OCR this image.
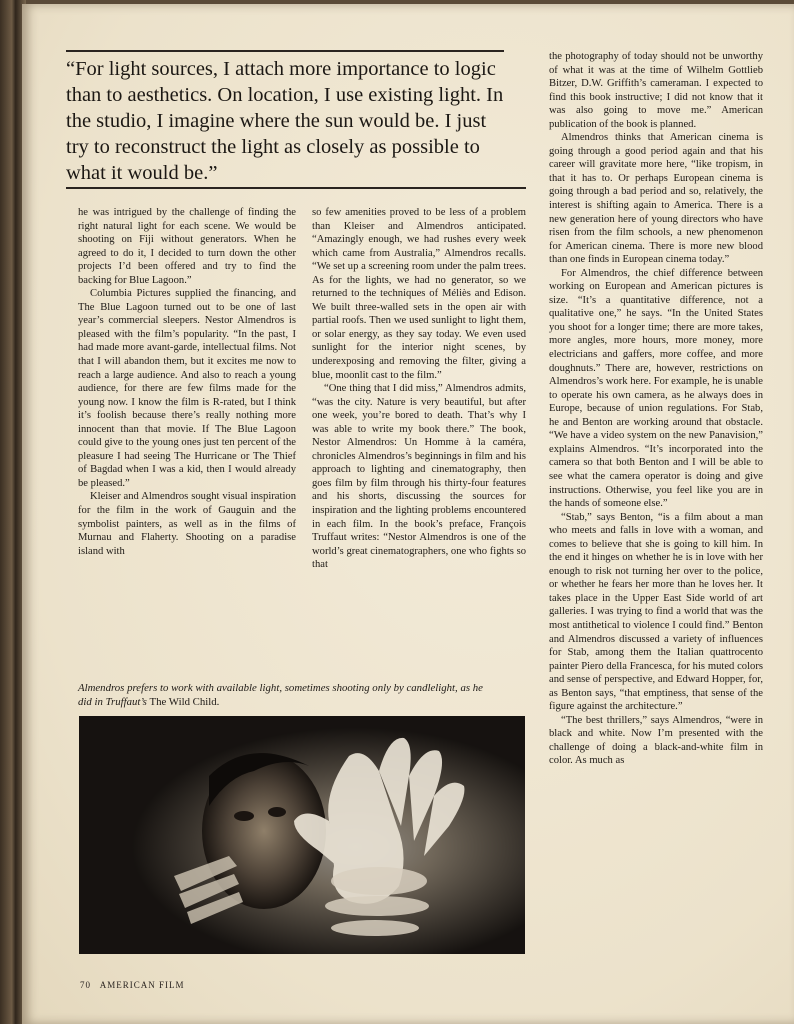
“For light sources, I attach more importance to logic than to aesthetics. On location, I use existing light. In the studio, I imagine where the sun would be. I just try to reconstruct the light as closely as possible to what it would be.”

he was intrigued by the challenge of finding the right natural light for each scene. We would be shooting on Fiji without generators. When he agreed to do it, I decided to turn down the other projects I’d been offered and try to find the backing for Blue Lagoon.”

Columbia Pictures supplied the financing, and The Blue Lagoon turned out to be one of last year’s commercial sleepers. Nestor Almendros is pleased with the film’s popularity. “In the past, I had made more avant-garde, intellectual films. Not that I will abandon them, but it excites me now to reach a large audience. And also to reach a young audience, for there are few films made for the young now. I know the film is R-rated, but I think it’s foolish because there’s really nothing more innocent than that movie. If The Blue Lagoon could give to the young ones just ten percent of the pleasure I had seeing The Hurricane or The Thief of Bagdad when I was a kid, then I would already be pleased.”

Kleiser and Almendros sought visual inspiration for the film in the work of Gauguin and the symbolist painters, as well as in the films of Murnau and Flaherty. Shooting on a paradise island with

so few amenities proved to be less of a problem than Kleiser and Almendros anticipated. “Amazingly enough, we had rushes every week which came from Australia,” Almendros recalls. “We set up a screening room under the palm trees. As for the lights, we had no generator, so we returned to the techniques of Méliès and Edison. We built three-walled sets in the open air with partial roofs. Then we used sunlight to light them, or solar energy, as they say today. We even used sunlight for the interior night scenes, by underexposing and removing the filter, giving a blue, moonlit cast to the film.”

“One thing that I did miss,” Almendros admits, “was the city. Nature is very beautiful, but after one week, you’re bored to death. That’s why I was able to write my book there.” The book, Nestor Almendros: Un Homme à la caméra, chronicles Almendros’s beginnings in film and his approach to lighting and cinematography, then goes film by film through his thirty-four features and his shorts, discussing the sources for inspiration and the lighting problems encountered in each film. In the book’s preface, François Truffaut writes: “Nestor Almendros is one of the world’s great cinematographers, one who fights so that

the photography of today should not be unworthy of what it was at the time of Wilhelm Gottlieb Bitzer, D.W. Griffith’s cameraman. I expected to find this book instructive; I did not know that it was also going to move me.” American publication of the book is planned.

Almendros thinks that American cinema is going through a good period again and that his career will gravitate more here, “like tropism, in that it has to. Or perhaps European cinema is going through a bad period and so, relatively, the interest is shifting again to America. There is a new generation here of young directors who have risen from the film schools, a new phenomenon for American cinema. There is more new blood than one finds in European cinema today.”

For Almendros, the chief difference between working on European and American pictures is size. “It’s a quantitative difference, not a qualitative one,” he says. “In the United States you shoot for a longer time; there are more takes, more angles, more hours, more money, more electricians and gaffers, more coffee, and more doughnuts.” There are, however, restrictions on Almendros’s work here. For example, he is unable to operate his own camera, as he always does in Europe, because of union regulations. For Stab, he and Benton are working around that obstacle. “We have a video system on the new Panavision,” explains Almendros. “It’s incorporated into the camera so that both Benton and I will be able to see what the camera operator is doing and give instructions. Otherwise, you feel like you are in the hands of someone else.”

“Stab,” says Benton, “is a film about a man who meets and falls in love with a woman, and comes to believe that she is going to kill him. In the end it hinges on whether he is in love with her enough to risk not turning her over to the police, or whether he fears her more than he loves her. It takes place in the Upper East Side world of art galleries. I was trying to find a world that was the most antithetical to violence I could find.” Benton and Almendros discussed a variety of influences for Stab, among them the Italian quattrocento painter Piero della Francesca, for his muted colors and sense of perspective, and Edward Hopper, for, as Benton says, “that emptiness, that sense of the figure against the architecture.”

“The best thrillers,” says Almendros, “were in black and white. Now I’m presented with the challenge of doing a black-and-white film in color. As much as

Almendros prefers to work with available light, sometimes shooting only by candlelight, as he did in Truffaut’s The Wild Child.
70 AMERICAN FILM
